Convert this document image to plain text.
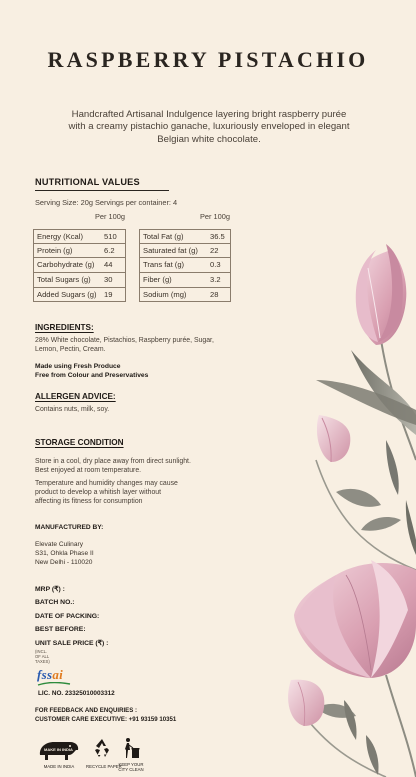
RASPBERRY PISTACHIO
Handcrafted Artisanal Indulgence layering bright raspberry purée with a creamy pistachio ganache, luxuriously enveloped in elegant Belgian white chocolate.
NUTRITIONAL VALUES
Serving Size: 20g Servings per container: 4
Per 100g	Per 100g
Energy (Kcal)	510
Protein (g)	6.2
Carbohydrate (g) 44
Total Sugars (g) 30
Added Sugars (g) 19
Total Fat (g)	36.5
Saturated fat (g) 22
Trans fat (g)	0.3
Fiber (g)	3.2
Sodium (mg)	28
INGREDIENTS:
28% White chocolate, Pistachios, Raspberry purée, Sugar,
Lemon, Pectin, Cream.
Made using Fresh Produce
Free from Colour and Preservatives
ALLERGEN ADVICE:
Contains nuts, milk, soy.
STORAGE CONDITION
Store in a cool, dry place away from direct sunlight.
Best enjoyed at room temperature.
Temperature and humidity changes may cause
product to develop a whitish layer without
affecting its fitness for consumption
MANUFACTURED BY:
Elevate Culinary
S31, Ohkla Phase II
New Delhi - 110020
MRP (₹) :
BATCH NO.:
DATE OF PACKING:
BEST BEFORE:
UNIT SALE PRICE (₹) :
(INCL. OF ALL TAXES)
fssai
LIC. NO. 23325010003312
FOR FEEDBACK AND ENQUIRIES :
CUSTOMER CARE EXECUTIVE: +91 93159 10351
MAKE IN INDIA
MADE IN INDIA	RECYCLE PAPER
KEEP YOUR
CITY CLEAN
